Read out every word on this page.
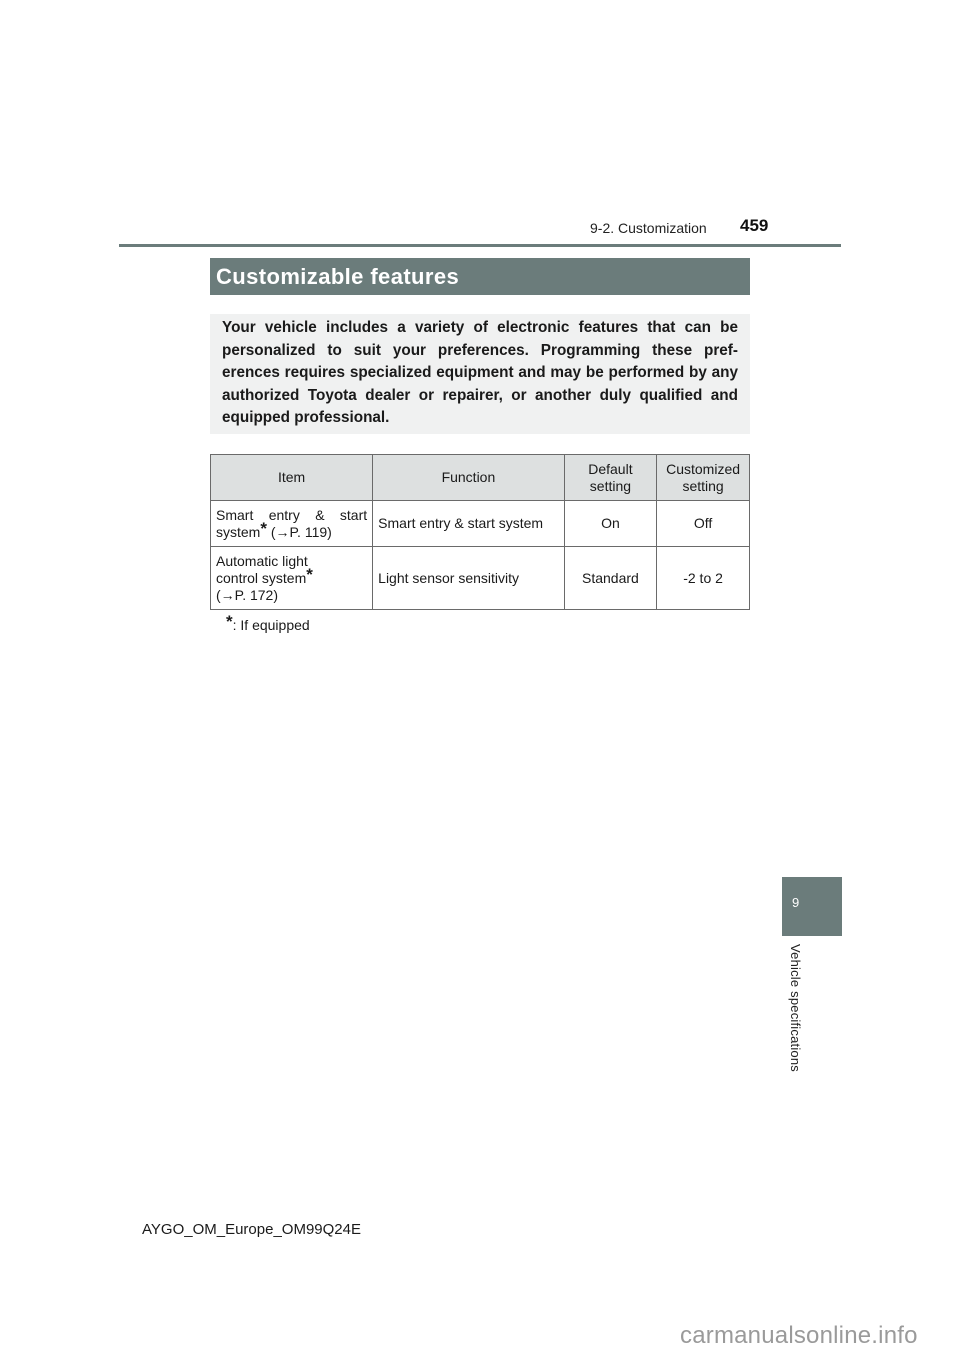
9-2. Customization 459
Customizable features

Your vehicle includes a variety of electronic features that can be personalized to suit your preferences. Programming these pref-erences requires specialized equipment and may be performed by any authorized Toyota dealer or repairer, or another duly qualified and equipped professional.

Item	Function	Default setting	Customized setting
Smart entry & start system* (→P. 119)	Smart entry & start system	On	Off
Automatic light
control system*
(→P. 172)	Light sensor sensitivity	Standard	-2 to 2
*: If equipped
9
Vehicle specifications
AYGO_OM_Europe_OM99Q24E
carmanualsonline.info
